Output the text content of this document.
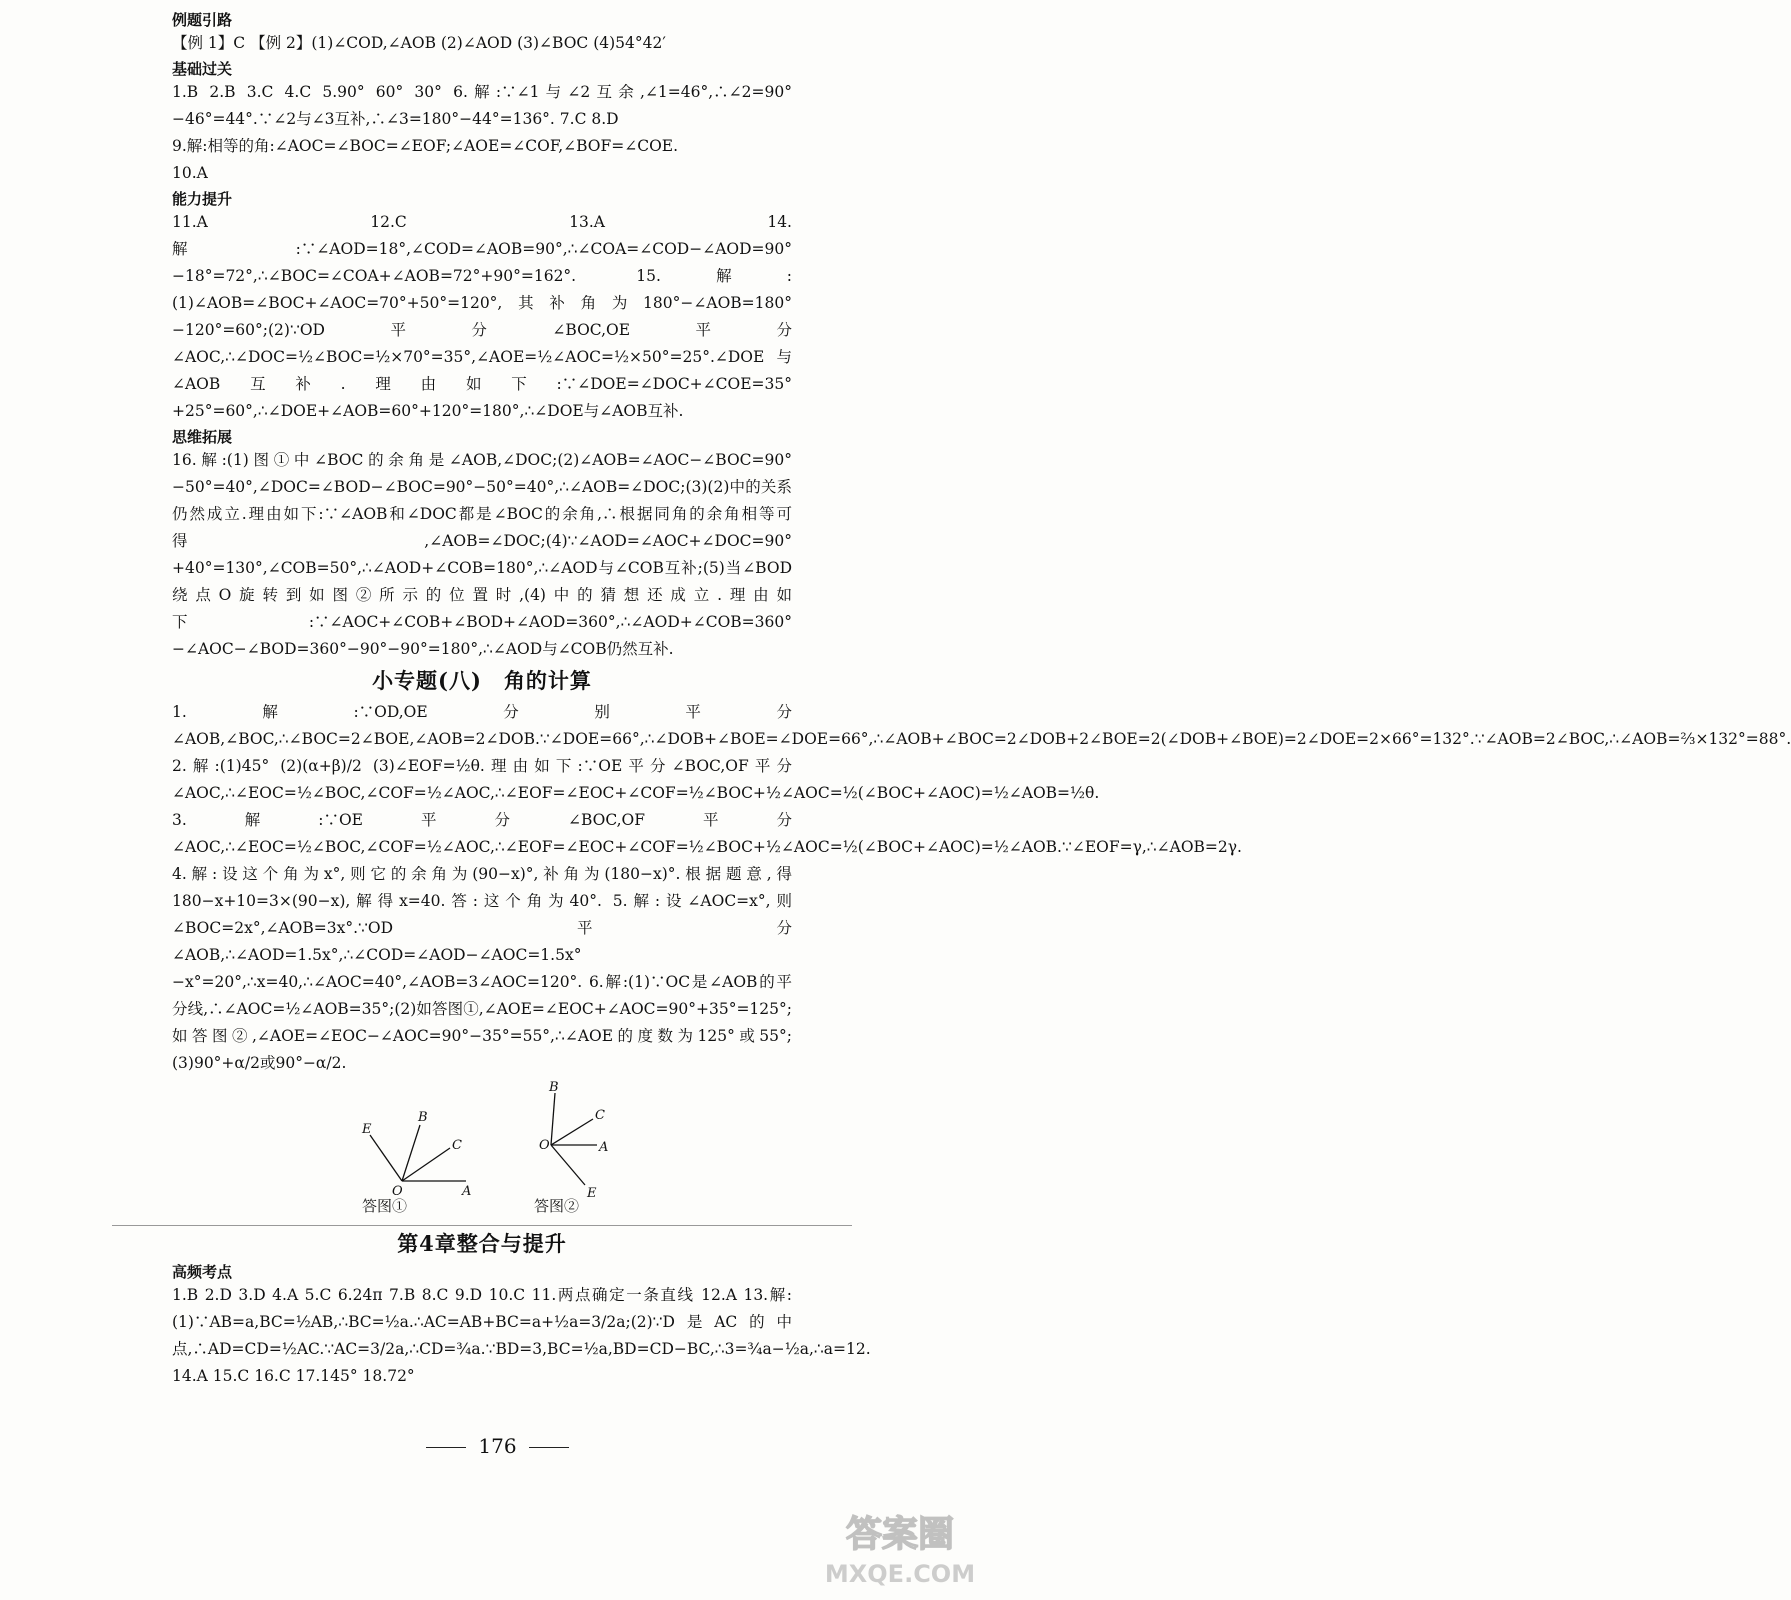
例题引路

【例 1】C 【例 2】(1)∠COD,∠AOB (2)∠AOD (3)∠BOC (4)54°42′

基础过关

1.B 2.B 3.C 4.C 5.90° 60° 30° 6.解:∵∠1与∠2互余,∠1=46°,∴∠2=90°−46°=44°.∵∠2与∠3互补,∴∠3=180°−44°=136°. 7.C 8.D

9.解:相等的角:∠AOC=∠BOC=∠EOF;∠AOE=∠COF,∠BOF=∠COE.

10.A

能力提升

11.A 12.C 13.A 14.解:∵∠AOD=18°,∠COD=∠AOB=90°,∴∠COA=∠COD−∠AOD=90°−18°=72°,∴∠BOC=∠COA+∠AOB=72°+90°=162°. 15.解:(1)∠AOB=∠BOC+∠AOC=70°+50°=120°,其补角为180°−∠AOB=180°−120°=60°;(2)∵OD平分∠BOC,OE平分∠AOC,∴∠DOC=½∠BOC=½×70°=35°,∠AOE=½∠AOC=½×50°=25°.∠DOE与∠AOB互补.理由如下:∵∠DOE=∠DOC+∠COE=35°+25°=60°,∴∠DOE+∠AOB=60°+120°=180°,∴∠DOE与∠AOB互补.

思维拓展

16.解:(1)图①中∠BOC的余角是∠AOB,∠DOC;(2)∠AOB=∠AOC−∠BOC=90°−50°=40°,∠DOC=∠BOD−∠BOC=90°−50°=40°,∴∠AOB=∠DOC;(3)(2)中的关系仍然成立.理由如下:∵∠AOB和∠DOC都是∠BOC的余角,∴根据同角的余角相等可得,∠AOB=∠DOC;(4)∵∠AOD=∠AOC+∠DOC=90°+40°=130°,∠COB=50°,∴∠AOD+∠COB=180°,∴∠AOD与∠COB互补;(5)当∠BOD绕点O旋转到如图②所示的位置时,(4)中的猜想还成立.理由如下:∵∠AOC+∠COB+∠BOD+∠AOD=360°,∴∠AOD+∠COB=360°−∠AOC−∠BOD=360°−90°−90°=180°,∴∠AOD与∠COB仍然互补.

小专题(八) 角的计算

1.解:∵OD,OE分别平分∠AOB,∠BOC,∴∠BOC=2∠BOE,∠AOB=2∠DOB.∵∠DOE=66°,∴∠DOB+∠BOE=∠DOE=66°,∴∠AOB+∠BOC=2∠DOB+2∠BOE=2(∠DOB+∠BOE)=2∠DOE=2×66°=132°.∵∠AOB=2∠BOC,∴∠AOB=⅔×132°=88°. 2.解:(1)45° (2)(α+β)/2 (3)∠EOF=½θ.理由如下:∵OE平分∠BOC,OF平分∠AOC,∴∠EOC=½∠BOC,∠COF=½∠AOC,∴∠EOF=∠EOC+∠COF=½∠BOC+½∠AOC=½(∠BOC+∠AOC)=½∠AOB=½θ. 3.解:∵OE平分∠BOC,OF平分∠AOC,∴∠EOC=½∠BOC,∠COF=½∠AOC,∴∠EOF=∠EOC+∠COF=½∠BOC+½∠AOC=½(∠BOC+∠AOC)=½∠AOB.∵∠EOF=γ,∴∠AOB=2γ.

4.解:设这个角为x°,则它的余角为(90−x)°,补角为(180−x)°.根据题意,得180−x+10=3×(90−x),解得x=40.答:这个角为40°. 5.解:设∠AOC=x°,则∠BOC=2x°,∠AOB=3x°.∵OD平分∠AOB,∴∠AOD=1.5x°,∴∠COD=∠AOD−∠AOC=1.5x°−x°=20°,∴x=40,∴∠AOC=40°,∠AOB=3∠AOC=120°. 6.解:(1)∵OC是∠AOB的平分线,∴∠AOC=½∠AOB=35°;(2)如答图①,∠AOE=∠EOC+∠AOC=90°+35°=125°;如答图②,∠AOE=∠EOC−∠AOC=90°−35°=55°,∴∠AOE的度数为125°或55°;(3)90°+α/2或90°−α/2.

E
B
C
O	A
答图①
B
C
O	A
E
答图②
第4章整合与提升
高频考点

1.B 2.D 3.D 4.A 5.C 6.24π 7.B 8.C 9.D 10.C 11.两点确定一条直线 12.A 13.解:(1)∵AB=a,BC=½AB,∴BC=½a.∴AC=AB+BC=a+½a=3/2a;(2)∵D是AC的中点,∴AD=CD=½AC.∵AC=3/2a,∴CD=¾a.∵BD=3,BC=½a,BD=CD−BC,∴3=¾a−½a,∴a=12.

14.A 15.C 16.C 17.145° 18.72°

176
答案圈
MXQE.COM
